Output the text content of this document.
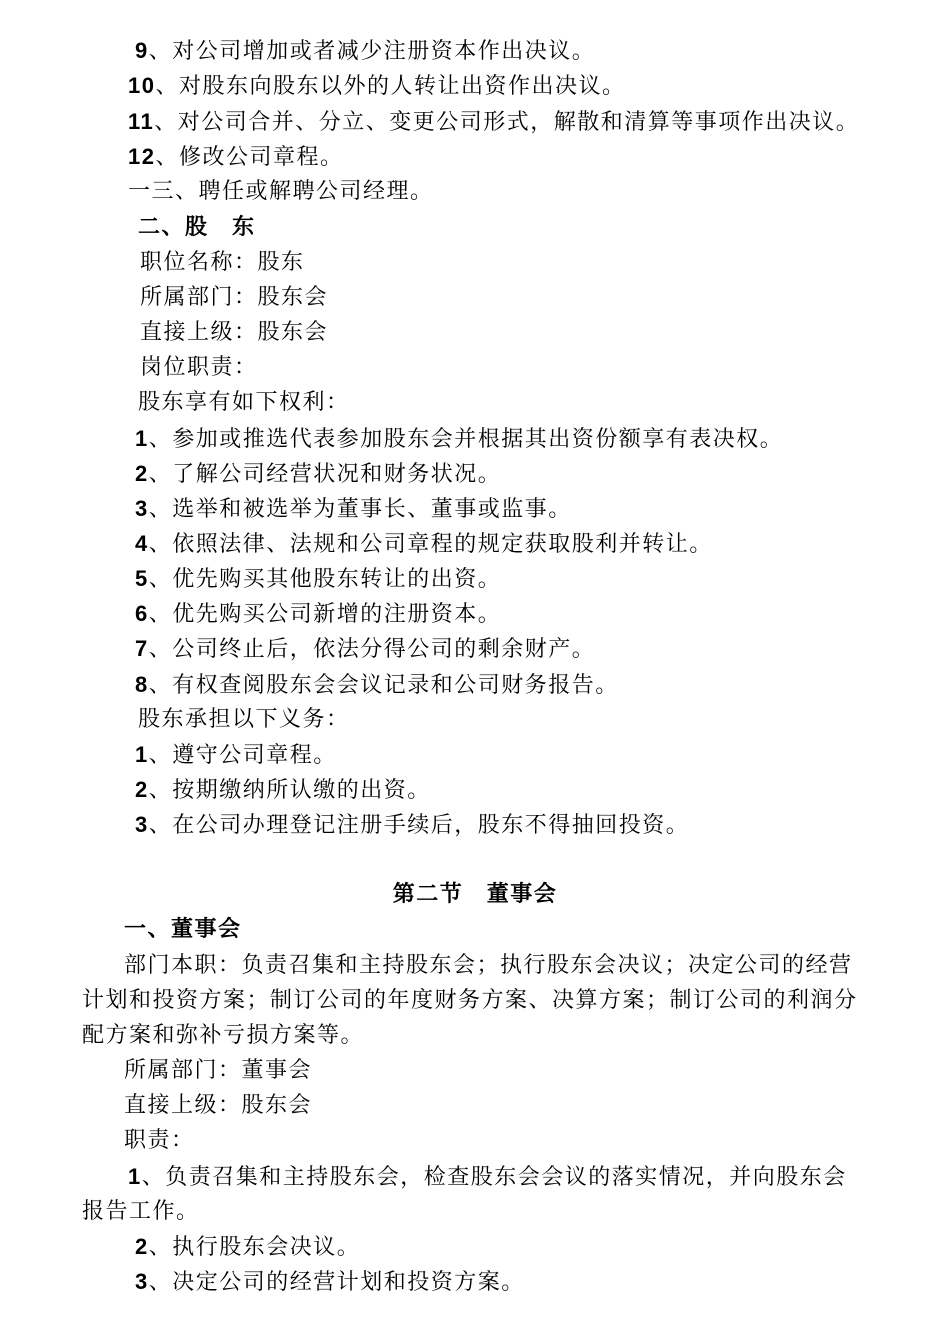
9、对公司增加或者减少注册资本作出决议。
10、对股东向股东以外的人转让出资作出决议。
11、对公司合并、分立、变更公司形式，解散和清算等事项作出决议。
12、修改公司章程。
一三、聘任或解聘公司经理。
二、股　东
职位名称：股东
所属部门：股东会
直接上级：股东会
岗位职责：
股东享有如下权利：
1、参加或推选代表参加股东会并根据其出资份额享有表决权。
2、了解公司经营状况和财务状况。
3、选举和被选举为董事长、董事或监事。
4、依照法律、法规和公司章程的规定获取股利并转让。
5、优先购买其他股东转让的出资。
6、优先购买公司新增的注册资本。
7、公司终止后，依法分得公司的剩余财产。
8、有权查阅股东会会议记录和公司财务报告。
股东承担以下义务：
1、遵守公司章程。
2、按期缴纳所认缴的出资。
3、在公司办理登记注册手续后，股东不得抽回投资。
第二节　董事会
一、董事会
部门本职：负责召集和主持股东会；执行股东会决议；决定公司的经营
计划和投资方案；制订公司的年度财务方案、决算方案；制订公司的利润分
配方案和弥补亏损方案等。
所属部门：董事会
直接上级：股东会
职责：
1、负责召集和主持股东会，检查股东会会议的落实情况，并向股东会
报告工作。
2、执行股东会决议。
3、决定公司的经营计划和投资方案。
